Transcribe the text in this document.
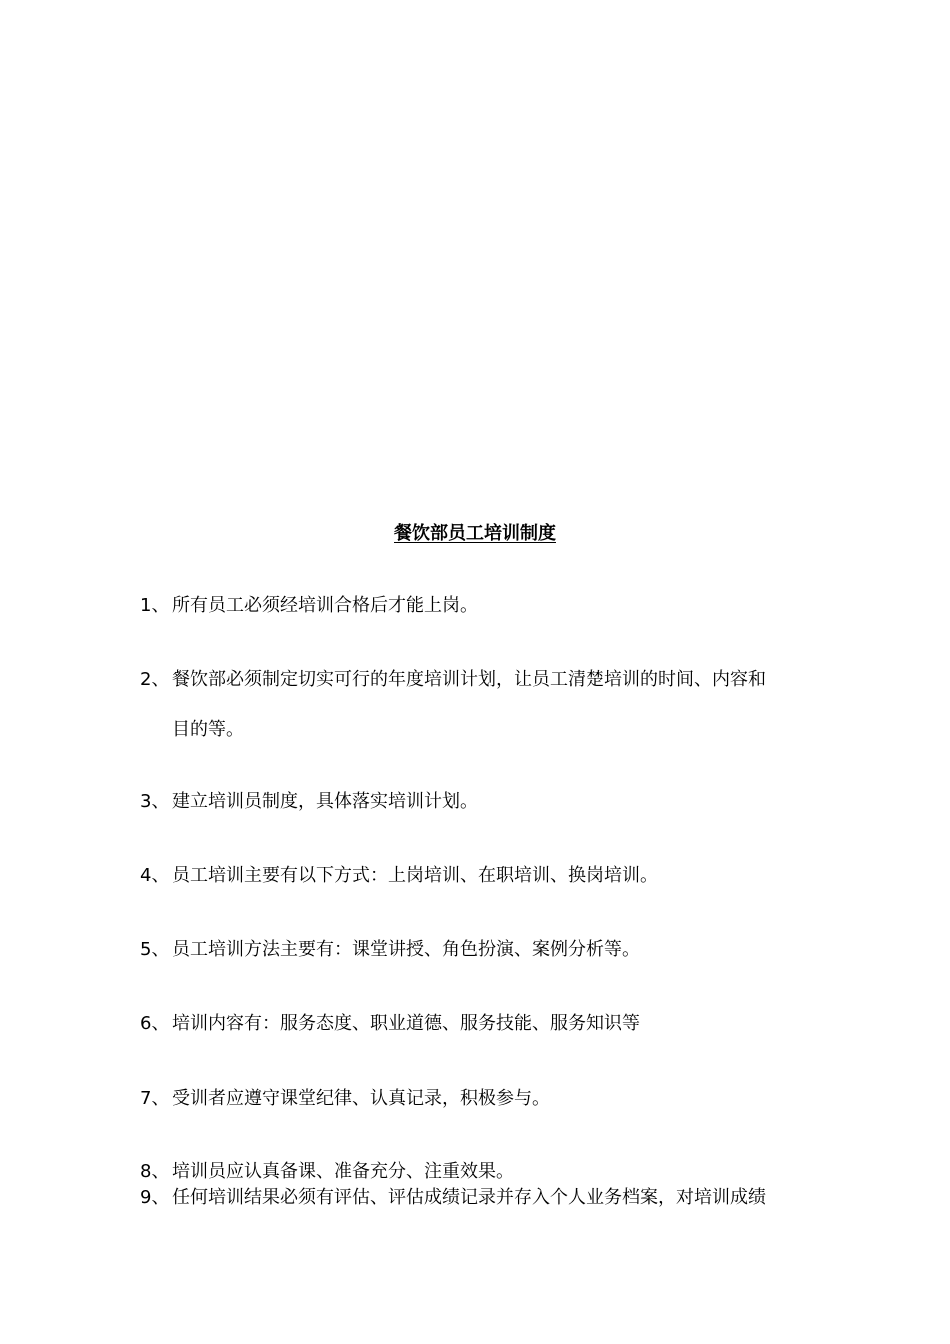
餐饮部员工培训制度
1、 所有员工必须经培训合格后才能上岗。
2、 餐饮部必须制定切实可行的年度培训计划，让员工清楚培训的时间、内容和
目的等。
3、 建立培训员制度，具体落实培训计划。
4、 员工培训主要有以下方式：上岗培训、在职培训、换岗培训。
5、 员工培训方法主要有：课堂讲授、角色扮演、案例分析等。
6、 培训内容有：服务态度、职业道德、服务技能、服务知识等
7、 受训者应遵守课堂纪律、认真记录，积极参与。
8、 培训员应认真备课、准备充分、注重效果。
9、 任何培训结果必须有评估、评估成绩记录并存入个人业务档案，对培训成绩
